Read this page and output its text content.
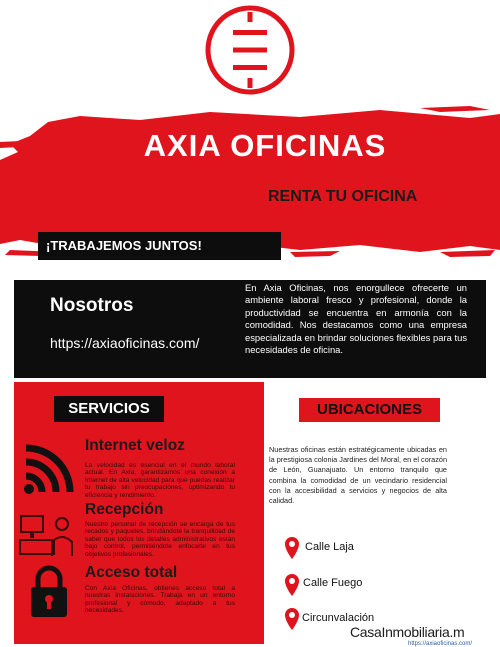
AXIA OFICINAS
RENTA TU OFICINA
¡TRABAJEMOS JUNTOS!
Nosotros
https://axiaoficinas.com/
En Axia Oficinas, nos enorgullece ofrecerte un ambiente laboral fresco y profesional, donde la productividad se encuentra en armonía con la comodidad. Nos destacamos como una empresa especializada en brindar soluciones flexibles para tus necesidades de oficina.
SERVICIOS
Internet veloz
La velocidad es esencial en el mundo laboral actual. En Axia, garantizamos una conexión a Internet de alta velocidad para que puedas realizar tu trabajo sin preocupaciones, optimizando tu eficiencia y rendimiento.
Recepción
Nuestro personal de recepción se encarga de tus recados y paquetes, brindándote la tranquilidad de saber que todos los detalles administrativos están bajo control, permitiéndote enfocarte en tus objetivos profesionales.
Acceso total
Con Axia Oficinas, obtienes acceso total a nuestras instalaciones. Trabaja en un entorno profesional y cómodo, adaptado a tus necesidades.
UBICACIONES
Nuestras oficinas están estratégicamente ubicadas en la prestigiosa colonia Jardines del Moral, en el corazón de León, Guanajuato. Un entorno tranquilo que combina la comodidad de un vecindario residencial con la accesibilidad a servicios y negocios de alta calidad.
Calle Laja
Calle Fuego
Circunvalación
CasaInmobiliaria.m
https://axiaoficinas.com/
